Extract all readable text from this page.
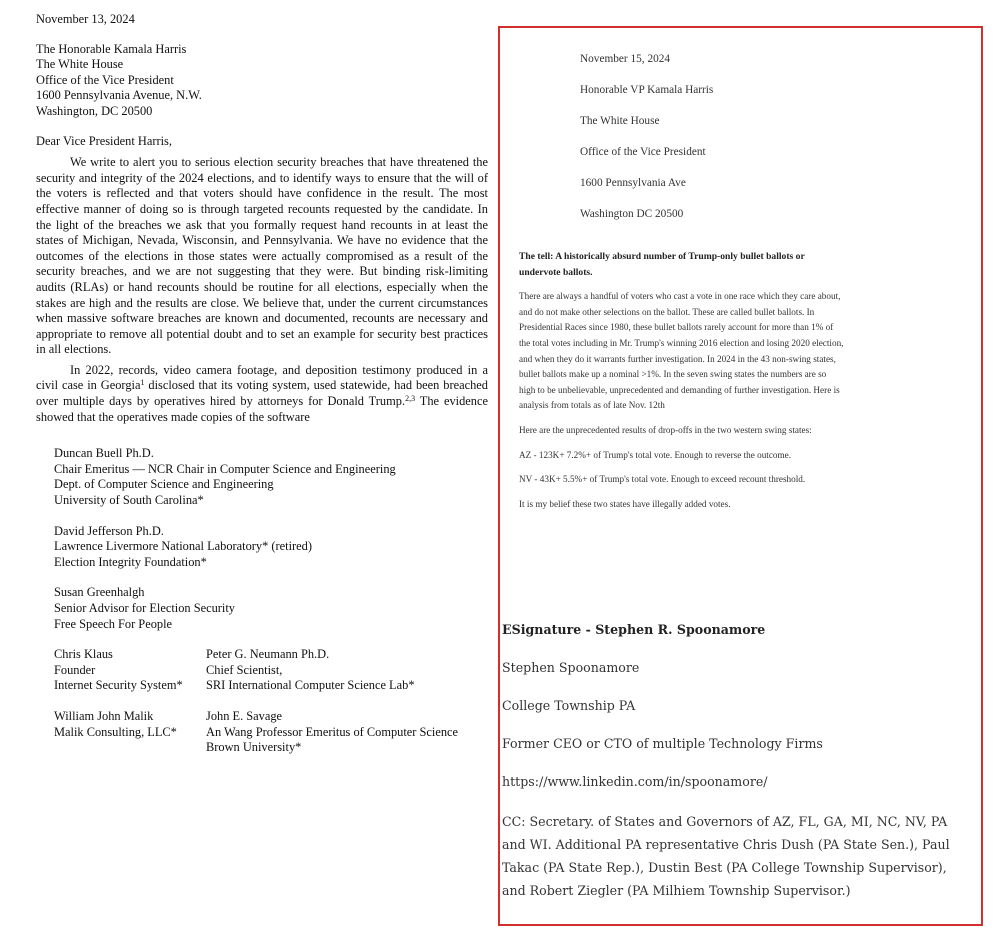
November 13, 2024

The Honorable Kamala Harris
The White House
Office of the Vice President
1600 Pennsylvania Avenue, N.W.
Washington, DC 20500

Dear Vice President Harris,

We write to alert you to serious election security breaches that have threatened the security and integrity of the 2024 elections, and to identify ways to ensure that the will of the voters is reflected and that voters should have confidence in the result. The most effective manner of doing so is through targeted recounts requested by the candidate. In the light of the breaches we ask that you formally request hand recounts in at least the states of Michigan, Nevada, Wisconsin, and Pennsylvania. We have no evidence that the outcomes of the elections in those states were actually compromised as a result of the security breaches, and we are not suggesting that they were. But binding risk-limiting audits (RLAs) or hand recounts should be routine for all elections, especially when the stakes are high and the results are close. We believe that, under the current circumstances when massive software breaches are known and documented, recounts are necessary and appropriate to remove all potential doubt and to set an example for security best practices in all elections.

In 2022, records, video camera footage, and deposition testimony produced in a civil case in Georgia$^1$ disclosed that its voting system, used statewide, had been breached over multiple days by operatives hired by attorneys for Donald Trump.$^{2,3}$ The evidence showed that the operatives made copies of the software

Duncan Buell Ph.D.
Chair Emeritus — NCR Chair in Computer Science and Engineering
Dept. of Computer Science and Engineering
University of South Carolina*
David Jefferson Ph.D.
Lawrence Livermore National Laboratory* (retired)
Election Integrity Foundation*
Susan Greenhalgh
Senior Advisor for Election Security
Free Speech For People
Chris Klaus
Founder
Internet Security System*
Peter G. Neumann Ph.D.
Chief Scientist,
SRI International Computer Science Lab*
William John Malik
Malik Consulting, LLC*
John E. Savage
An Wang Professor Emeritus of Computer Science
Brown University*
November 15, 2024
Honorable VP Kamala Harris
The White House
Office of the Vice President
1600 Pennsylvania Ave
Washington DC 20500

The tell: A historically absurd number of Trump-only bullet ballots or undervote ballots.

There are always a handful of voters who cast a vote in one race which they care about, and do not make other selections on the ballot. These are called bullet ballots. In Presidential Races since 1980, these bullet ballots rarely account for more than 1% of the total votes including in Mr. Trump's winning 2016 election and losing 2020 election, and when they do it warrants further investigation. In 2024 in the 43 non-swing states, bullet ballots make up a nominal >1%. In the seven swing states the numbers are so high to be unbelievable, unprecedented and demanding of further investigation. Here is analysis from totals as of late Nov. 12th

Here are the unprecedented results of drop-offs in the two western swing states:

AZ - 123K+ 7.2%+ of Trump's total vote. Enough to reverse the outcome.

NV - 43K+ 5.5%+ of Trump's total vote. Enough to exceed recount threshold.

It is my belief these two states have illegally added votes.

ESignature - Stephen R. Spoonamore
Stephen Spoonamore
College Township PA
Former CEO or CTO of multiple Technology Firms
https://www.linkedin.com/in/spoonamore/
CC: Secretary. of States and Governors of AZ, FL, GA, MI, NC, NV, PA and WI. Additional PA representative Chris Dush (PA State Sen.), Paul Takac (PA State Rep.), Dustin Best (PA College Township Supervisor), and Robert Ziegler (PA Milhiem Township Supervisor.)
